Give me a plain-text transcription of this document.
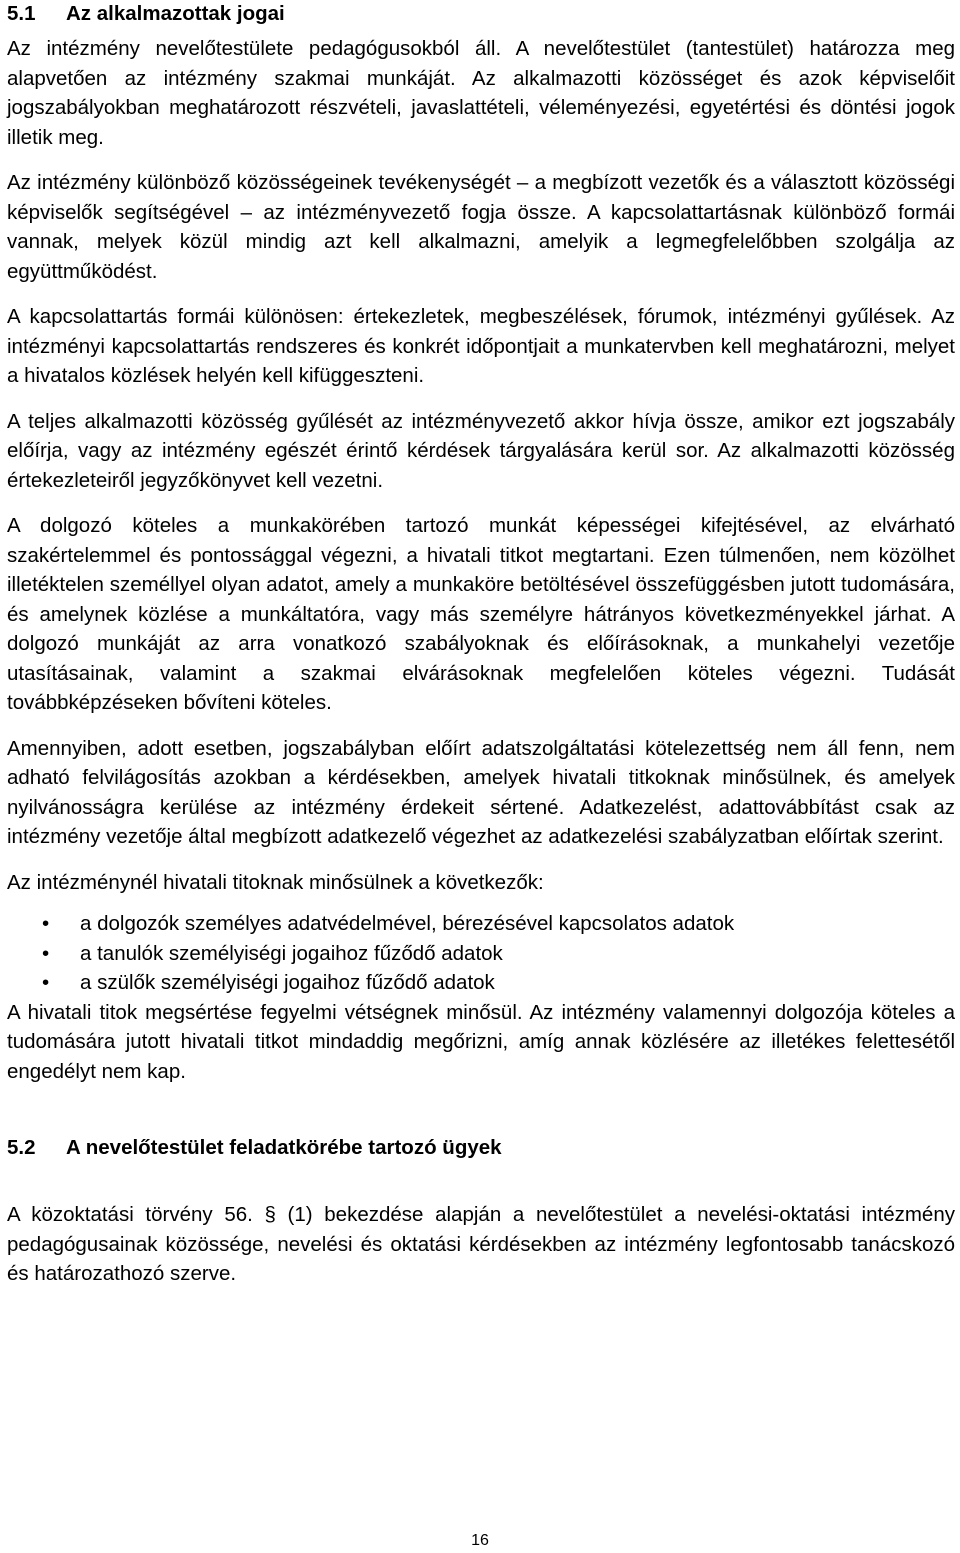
5.1	Az alkalmazottak jogai

Az intézmény nevelőtestülete pedagógusokból áll. A nevelőtestület (tantestület) határozza meg alapvetően az intézmény szakmai munkáját. Az alkalmazotti közösséget és azok képviselőit jogszabályokban meghatározott részvételi, javaslattételi, véleményezési, egyetértési és döntési jogok illetik meg.

Az intézmény különböző közösségeinek tevékenységét – a megbízott vezetők és a választott közösségi képviselők segítségével – az intézményvezető fogja össze. A kapcsolattartásnak különböző formái vannak, melyek közül mindig azt kell alkalmazni, amelyik a legmegfelelőbben szolgálja az együttműködést.

A kapcsolattartás formái különösen: értekezletek, megbeszélések, fórumok, intézményi gyűlések. Az intézményi kapcsolattartás rendszeres és konkrét időpontjait a munkatervben kell meghatározni, melyet a hivatalos közlések helyén kell kifüggeszteni.

A teljes alkalmazotti közösség gyűlését az intézményvezető akkor hívja össze, amikor ezt jogszabály előírja, vagy az intézmény egészét érintő kérdések tárgyalására kerül sor. Az alkalmazotti közösség értekezleteiről jegyzőkönyvet kell vezetni.

A dolgozó köteles a munkakörében tartozó munkát képességei kifejtésével, az elvárható szakértelemmel és pontossággal végezni, a hivatali titkot megtartani. Ezen túlmenően, nem közölhet illetéktelen személlyel olyan adatot, amely a munkaköre betöltésével összefüggésben jutott tudomására, és amelynek közlése a munkáltatóra, vagy más személyre hátrányos következményekkel járhat. A dolgozó munkáját az arra vonatkozó szabályoknak és előírásoknak, a munkahelyi vezetője utasításainak, valamint a szakmai elvárásoknak megfelelően köteles végezni. Tudását továbbképzéseken bővíteni köteles.

Amennyiben, adott esetben, jogszabályban előírt adatszolgáltatási kötelezettség nem áll fenn, nem adható felvilágosítás azokban a kérdésekben, amelyek hivatali titkoknak minősülnek, és amelyek nyilvánosságra kerülése az intézmény érdekeit sértené. Adatkezelést, adattovábbítást csak az intézmény vezetője által megbízott adatkezelő végezhet az adatkezelési szabályzatban előírtak szerint.

Az intézménynél hivatali titoknak minősülnek a következők:

• a dolgozók személyes adatvédelmével, bérezésével kapcsolatos adatok
• a tanulók személyiségi jogaihoz fűződő adatok
• a szülők személyiségi jogaihoz fűződő adatok

A hivatali titok megsértése fegyelmi vétségnek minősül. Az intézmény valamennyi dolgozója köteles a tudomására jutott hivatali titkot mindaddig megőrizni, amíg annak közlésére az illetékes felettesétől engedélyt nem kap.

5.2	A nevelőtestület feladatkörébe tartozó ügyek

A közoktatási törvény 56. § (1) bekezdése alapján a nevelőtestület a nevelési-oktatási intézmény pedagógusainak közössége, nevelési és oktatási kérdésekben az intézmény legfontosabb tanácskozó és határozathozó szerve.

16
